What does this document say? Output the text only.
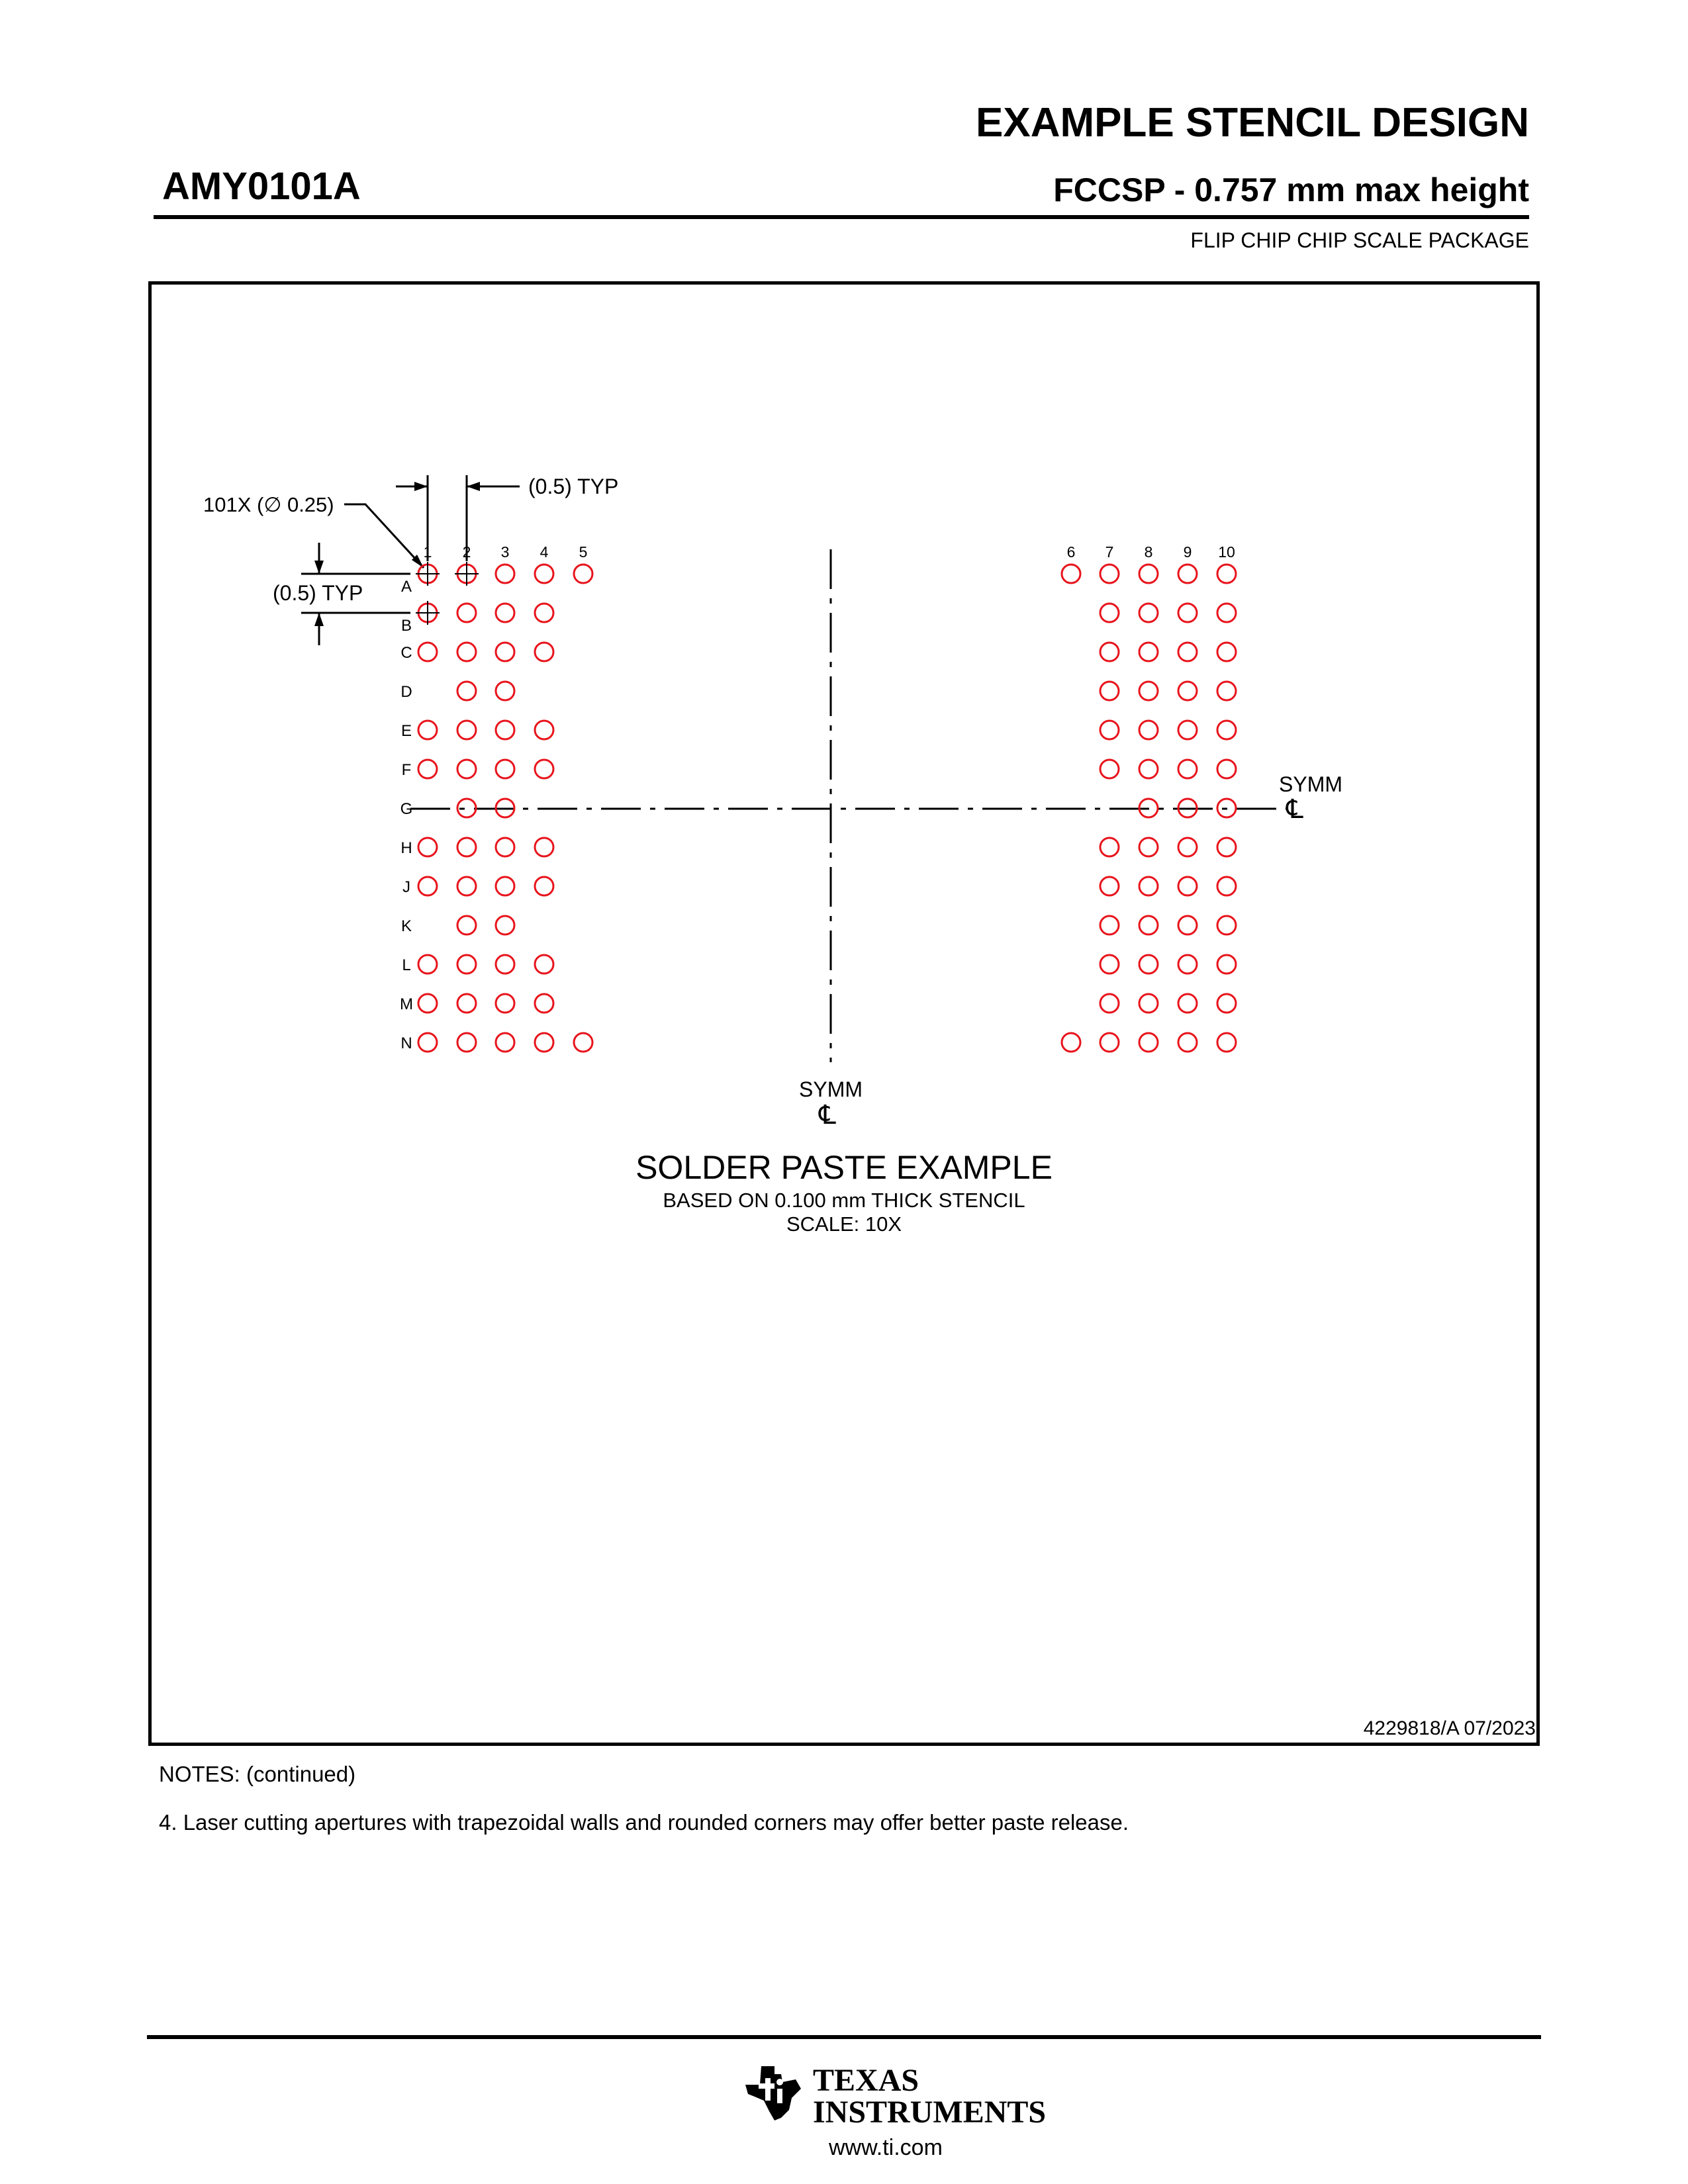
EXAMPLE STENCIL DESIGN
AMY0101A	FCCSP - 0.757 mm max height
FLIP CHIP CHIP SCALE PACKAGE
101X (∅ 0.25)
(0.5) TYP
(0.5) TYP
SYMM
℄
SYMM
℄
SOLDER PASTE EXAMPLE
BASED ON 0.100 mm THICK STENCIL
SCALE: 10X
1 2 3 4 5	6 7 8 9 10
A
B
C
D
E
F
G
H
J
K
L
M
N
4229818/A 07/2023
NOTES: (continued)
4. Laser cutting apertures with trapezoidal walls and rounded corners may offer better paste release.
TEXAS
INSTRUMENTS
www.ti.com
